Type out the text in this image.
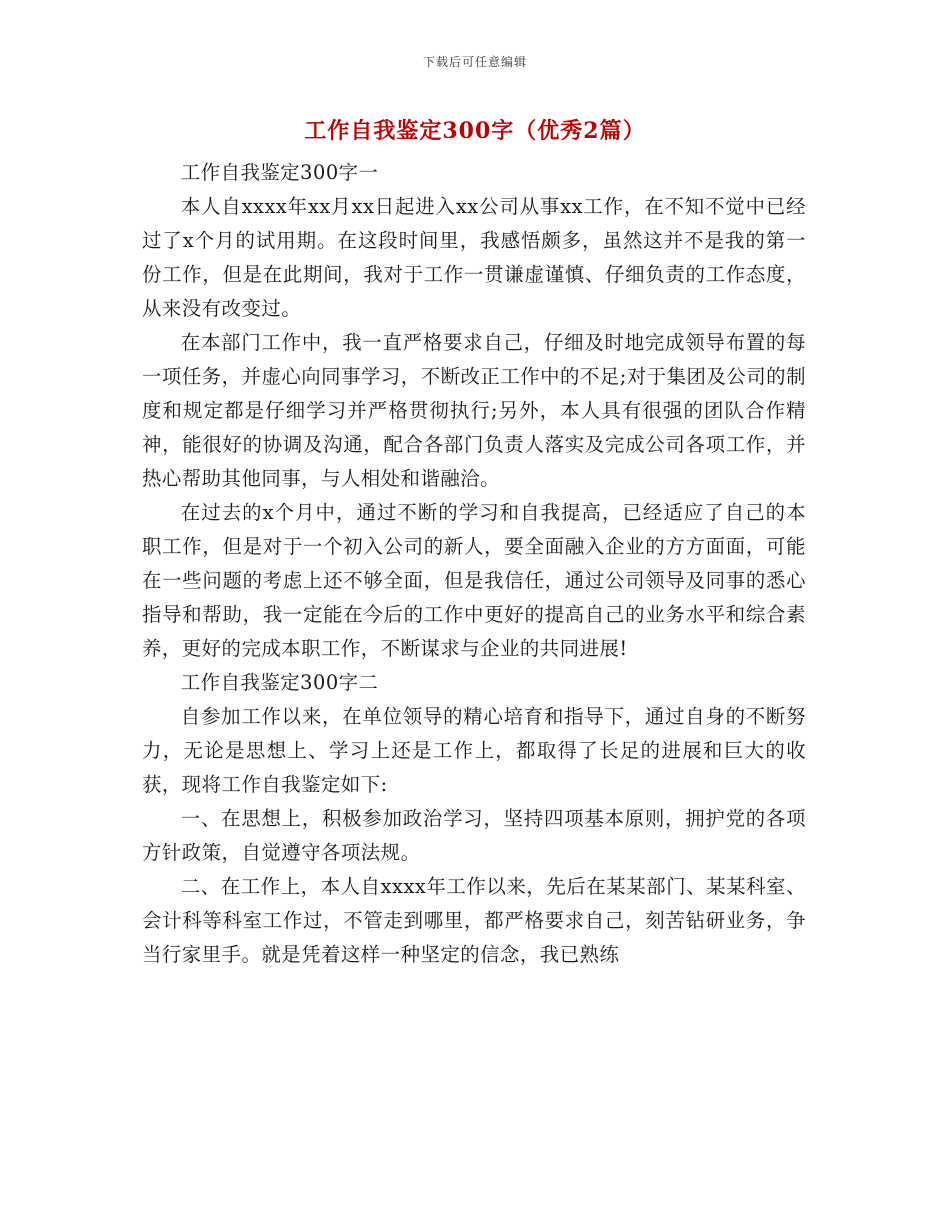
下载后可任意编辑
工作自我鉴定300字（优秀2篇）

工作自我鉴定300字一

本人自xxxx年xx月xx日起进入xx公司从事xx工作，在不知不觉中已经过了x个月的试用期。在这段时间里，我感悟颇多，虽然这并不是我的第一份工作，但是在此期间，我对于工作一贯谦虚谨慎、仔细负责的工作态度，从来没有改变过。

在本部门工作中，我一直严格要求自己，仔细及时地完成领导布置的每一项任务，并虚心向同事学习，不断改正工作中的不足;对于集团及公司的制度和规定都是仔细学习并严格贯彻执行;另外，本人具有很强的团队合作精神，能很好的协调及沟通，配合各部门负责人落实及完成公司各项工作，并热心帮助其他同事，与人相处和谐融洽。

在过去的x个月中，通过不断的学习和自我提高，已经适应了自己的本职工作，但是对于一个初入公司的新人，要全面融入企业的方方面面，可能在一些问题的考虑上还不够全面，但是我信任，通过公司领导及同事的悉心指导和帮助，我一定能在今后的工作中更好的提高自己的业务水平和综合素养，更好的完成本职工作，不断谋求与企业的共同进展!

工作自我鉴定300字二

自参加工作以来，在单位领导的精心培育和指导下，通过自身的不断努力，无论是思想上、学习上还是工作上，都取得了长足的进展和巨大的收获，现将工作自我鉴定如下:

一、在思想上，积极参加政治学习，坚持四项基本原则，拥护党的各项方针政策，自觉遵守各项法规。

二、在工作上，本人自xxxx年工作以来，先后在某某部门、某某科室、会计科等科室工作过，不管走到哪里，都严格要求自己，刻苦钻研业务，争当行家里手。就是凭着这样一种坚定的信念，我已熟练
